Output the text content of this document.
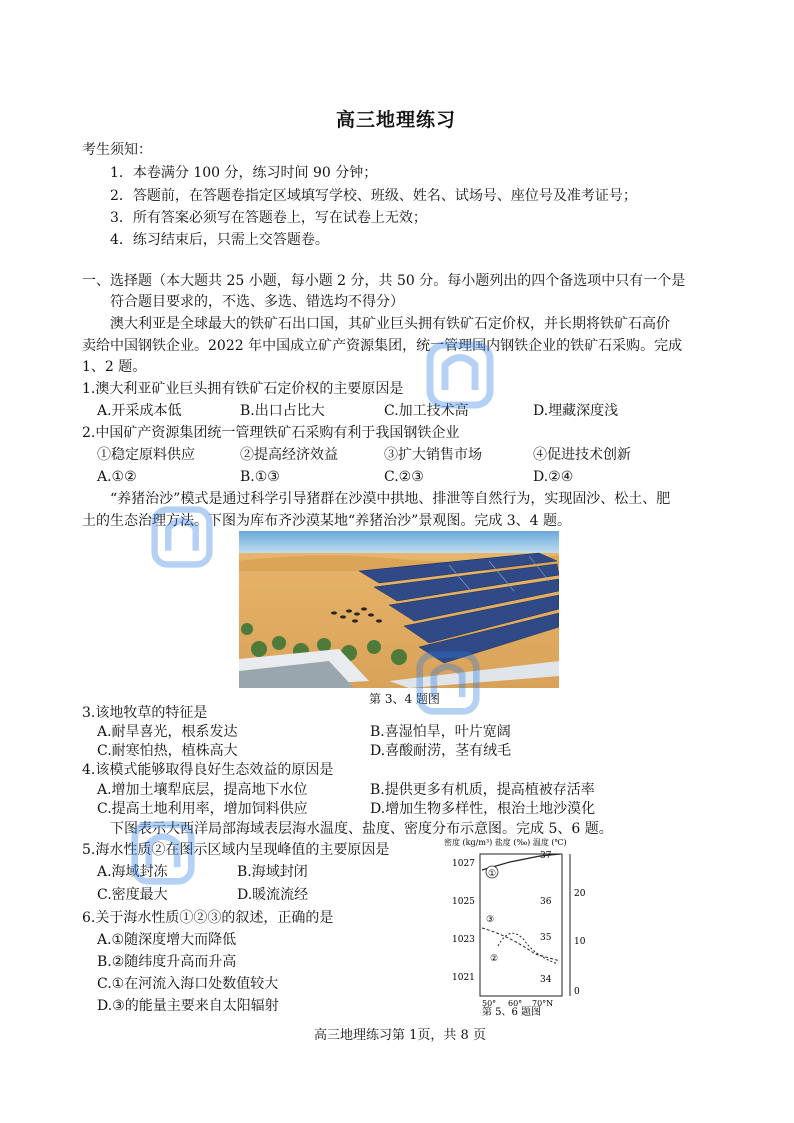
高三地理练习
考生须知：
1．本卷满分 100 分，练习时间 90 分钟；
2．答题前，在答题卷指定区域填写学校、班级、姓名、试场号、座位号及准考证号；
3．所有答案必须写在答题卷上，写在试卷上无效；
4．练习结束后，只需上交答题卷。
一、选择题（本大题共 25 小题，每小题 2 分，共 50 分。每小题列出的四个备选项中只有一个是
符合题目要求的，不选、多选、错选均不得分）
澳大利亚是全球最大的铁矿石出口国，其矿业巨头拥有铁矿石定价权，并长期将铁矿石高价
卖给中国钢铁企业。2022 年中国成立矿产资源集团，统一管理国内钢铁企业的铁矿石采购。完成
1、2 题。
1.澳大利亚矿业巨头拥有铁矿石定价权的主要原因是
A.开采成本低	B.出口占比大	C.加工技术高	D.埋藏深度浅
2.中国矿产资源集团统一管理铁矿石采购有利于我国钢铁企业
①稳定原料供应	②提高经济效益	③扩大销售市场	④促进技术创新
A.①②	B.①③	C.②③	D.②④
“养猪治沙”模式是通过科学引导猪群在沙漠中拱地、排泄等自然行为，实现固沙、松土、肥
土的生态治理方法。下图为库布齐沙漠某地“养猪治沙”景观图。完成 3、4 题。
第 3、4 题图
3.该地牧草的特征是
A.耐旱喜光，根系发达	B.喜湿怕旱，叶片宽阔
C.耐寒怕热，植株高大	D.喜酸耐涝，茎有绒毛
4.该模式能够取得良好生态效益的原因是
A.增加土壤犁底层，提高地下水位	B.提供更多有机质，提高植被存活率
C.提高土地利用率，增加饲料供应	D.增加生物多样性，根治土地沙漠化
下图表示大西洋局部海域表层海水温度、盐度、密度分布示意图。完成 5、6 题。
5.海水性质②在图示区域内呈现峰值的主要原因是
A.海域封冻	B.海域封闭
C.密度最大	D.暖流流经
6.关于海水性质①②③的叙述，正确的是
A.①随深度增大而降低
B.②随纬度升高而升高
C.①在河流入海口处数值较大
D.③的能量主要来自太阳辐射
密度 (kg/m³) 盐度 (‰) 温度 (℃)
1027
1025
1023
1021
37
36
35
34
20
10
0
①
③
②
50° 60° 70°N
第 5、6 题图
高三地理练习第 1页，共 8 页
